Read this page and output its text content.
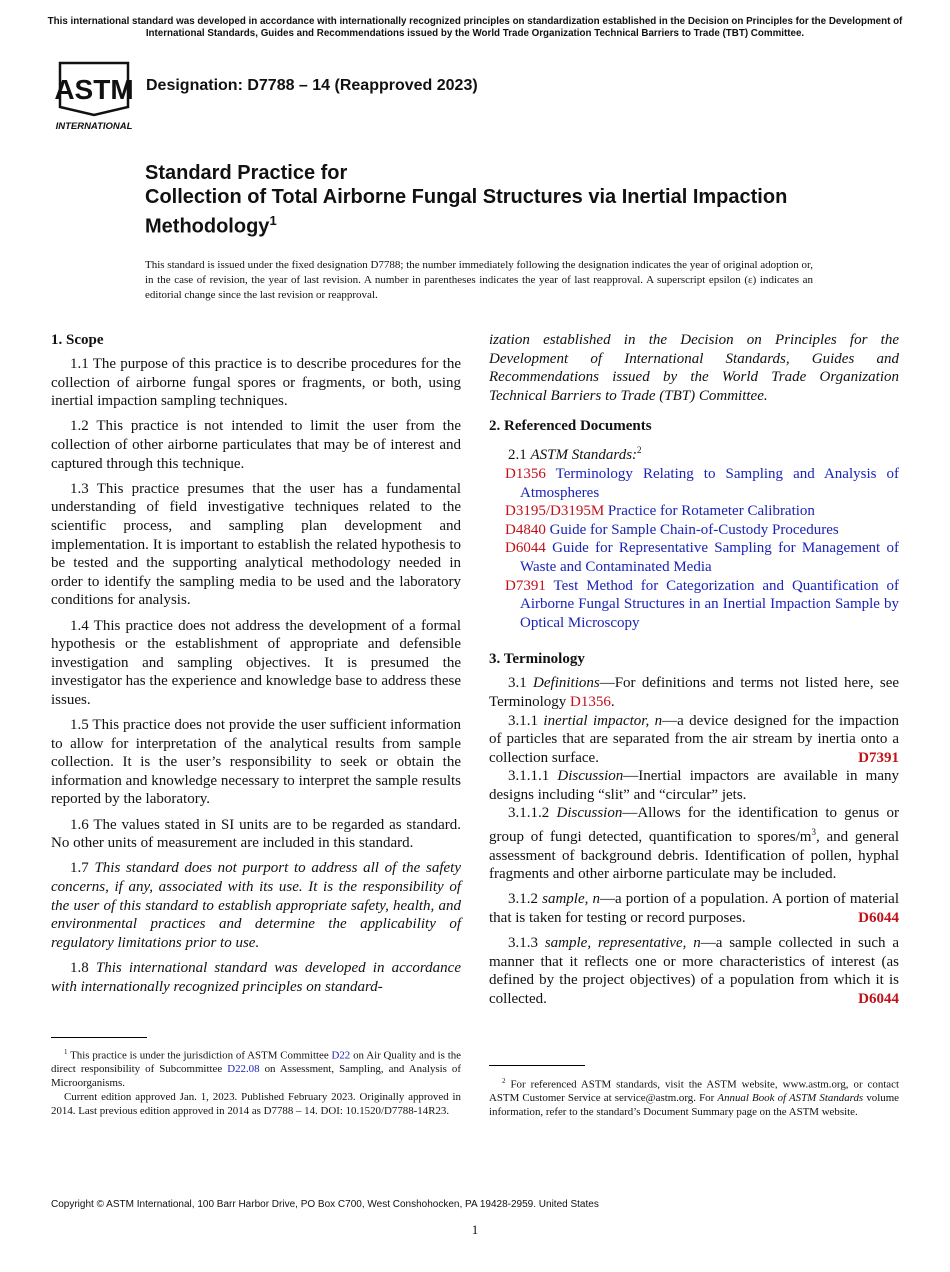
This international standard was developed in accordance with internationally recognized principles on standardization established in the Decision on Principles for the Development of International Standards, Guides and Recommendations issued by the World Trade Organization Technical Barriers to Trade (TBT) Committee.
ASTM
INTERNATIONAL
Designation: D7788 – 14 (Reapproved 2023)
Standard Practice for
Collection of Total Airborne Fungal Structures via Inertial Impaction Methodology$^1$
This standard is issued under the fixed designation D7788; the number immediately following the designation indicates the year of original adoption or, in the case of revision, the year of last revision. A number in parentheses indicates the year of last reapproval. A superscript epsilon (ε) indicates an editorial change since the last revision or reapproval.
1. Scope

1.1 The purpose of this practice is to describe procedures for the collection of airborne fungal spores or fragments, or both, using inertial impaction sampling techniques.

1.2 This practice is not intended to limit the user from the collection of other airborne particulates that may be of interest and captured through this technique.

1.3 This practice presumes that the user has a fundamental understanding of field investigative techniques related to the scientific process, and sampling plan development and implementation. It is important to establish the related hypothesis to be tested and the supporting analytical methodology needed in order to identify the sampling media to be used and the laboratory conditions for analysis.

1.4 This practice does not address the development of a formal hypothesis or the establishment of appropriate and defensible investigation and sampling objectives. It is presumed the investigator has the experience and knowledge base to address these issues.

1.5 This practice does not provide the user sufficient information to allow for interpretation of the analytical results from sample collection. It is the user’s responsibility to seek or obtain the information and knowledge necessary to interpret the sample results reported by the laboratory.

1.6 The values stated in SI units are to be regarded as standard. No other units of measurement are included in this standard.

1.7 This standard does not purport to address all of the safety concerns, if any, associated with its use. It is the responsibility of the user of this standard to establish appropriate safety, health, and environmental practices and determine the applicability of regulatory limitations prior to use.

1.8 This international standard was developed in accordance with internationally recognized principles on standard-

$^1$ This practice is under the jurisdiction of ASTM Committee D22 on Air Quality and is the direct responsibility of Subcommittee D22.08 on Assessment, Sampling, and Analysis of Microorganisms.

Current edition approved Jan. 1, 2023. Published February 2023. Originally approved in 2014. Last previous edition approved in 2014 as D7788 – 14. DOI: 10.1520/D7788-14R23.

ization established in the Decision on Principles for the Development of International Standards, Guides and Recommendations issued by the World Trade Organization Technical Barriers to Trade (TBT) Committee.

2. Referenced Documents

2.1 ASTM Standards:$^2$

D1356 Terminology Relating to Sampling and Analysis of Atmospheres

D3195/D3195M Practice for Rotameter Calibration

D4840 Guide for Sample Chain-of-Custody Procedures

D6044 Guide for Representative Sampling for Management of Waste and Contaminated Media

D7391 Test Method for Categorization and Quantification of Airborne Fungal Structures in an Inertial Impaction Sample by Optical Microscopy

3. Terminology

3.1 Definitions—For definitions and terms not listed here, see Terminology D1356.

3.1.1 inertial impactor, n—a device designed for the impaction of particles that are separated from the air stream by inertia onto a collection surface.	D7391

3.1.1.1 Discussion—Inertial impactors are available in many designs including “slit” and “circular” jets.

3.1.1.2 Discussion—Allows for the identification to genus or group of fungi detected, quantification to spores/$m^3$, and general assessment of background debris. Identification of pollen, hyphal fragments and other airborne particulate may be included.

3.1.2 sample, n—a portion of a population. A portion of material that is taken for testing or record purposes.	D6044

3.1.3 sample, representative, n—a sample collected in such a manner that it reflects one or more characteristics of interest (as defined by the project objectives) of a population from which it is collected.	D6044

$^2$ For referenced ASTM standards, visit the ASTM website, www.astm.org, or contact ASTM Customer Service at service@astm.org. For Annual Book of ASTM Standards volume information, refer to the standard’s Document Summary page on the ASTM website.

Copyright © ASTM International, 100 Barr Harbor Drive, PO Box C700, West Conshohocken, PA 19428-2959. United States
1
